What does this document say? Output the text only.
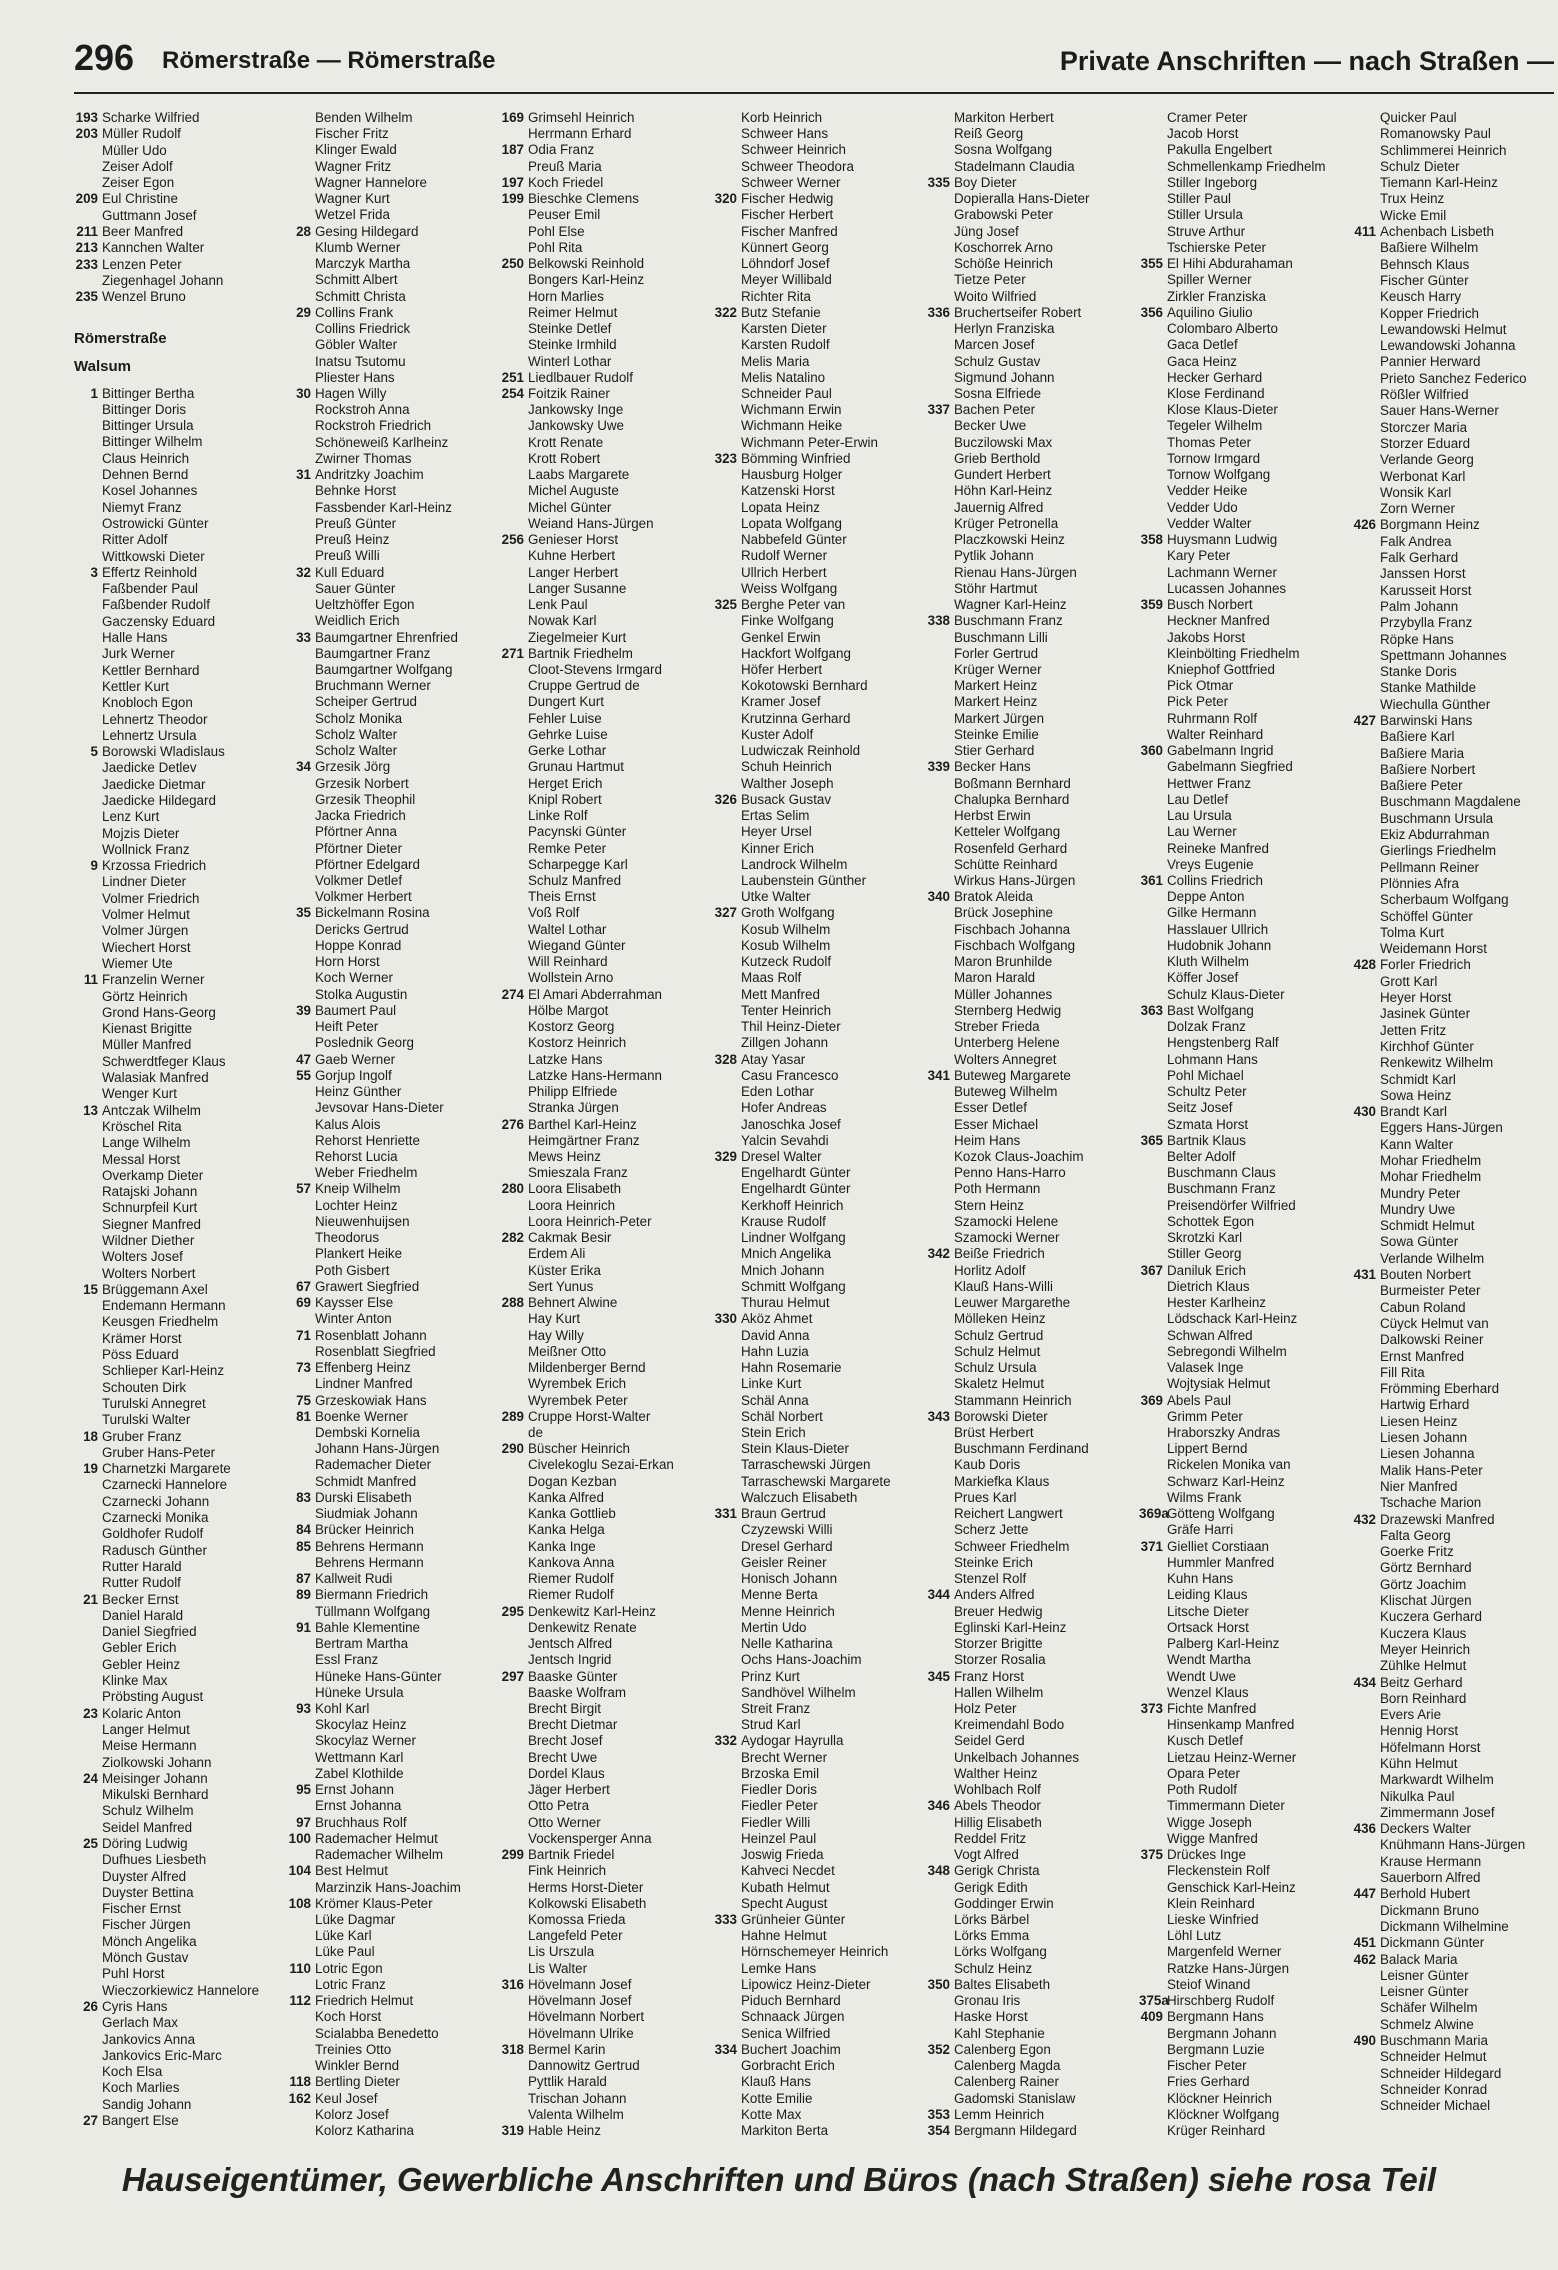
296 Römerstraße — Römerstraße	Private Anschriften — nach Straßen —
193 Scharke Wilfried
203 Müller Rudolf
Müller Udo
Zeiser Adolf
Zeiser Egon
209 Eul Christine
Guttmann Josef
211 Beer Manfred
213 Kannchen Walter
233 Lenzen Peter
Ziegenhagel Johann
235 Wenzel Bruno
Römerstraße
Walsum
1 Bittinger Bertha
Bittinger Doris
Bittinger Ursula
Bittinger Wilhelm
Claus Heinrich
Dehnen Bernd
Kosel Johannes
Niemyt Franz
Ostrowicki Günter
Ritter Adolf
Wittkowski Dieter
3 Effertz Reinhold
Faßbender Paul
Faßbender Rudolf
Gaczensky Eduard
Halle Hans
Jurk Werner
Kettler Bernhard
Kettler Kurt
Knobloch Egon
Lehnertz Theodor
Lehnertz Ursula
5 Borowski Wladislaus
Jaedicke Detlev
Jaedicke Dietmar
Jaedicke Hildegard
Lenz Kurt
Mojzis Dieter
Wollnick Franz
9 Krzossa Friedrich
Lindner Dieter
Volmer Friedrich
Volmer Helmut
Volmer Jürgen
Wiechert Horst
Wiemer Ute
11 Franzelin Werner
Görtz Heinrich
Grond Hans-Georg
Kienast Brigitte
Müller Manfred
Schwerdtfeger Klaus
Walasiak Manfred
Wenger Kurt
13 Antczak Wilhelm
Kröschel Rita
Lange Wilhelm
Messal Horst
Overkamp Dieter
Ratajski Johann
Schnurpfeil Kurt
Siegner Manfred
Wildner Diether
Wolters Josef
Wolters Norbert
15 Brüggemann Axel
Endemann Hermann
Keusgen Friedhelm
Krämer Horst
Pöss Eduard
Schlieper Karl-Heinz
Schouten Dirk
Turulski Annegret
Turulski Walter
18 Gruber Franz
Gruber Hans-Peter
19 Charnetzki Margarete
Czarnecki Hannelore
Czarnecki Johann
Czarnecki Monika
Goldhofer Rudolf
Radusch Günther
Rutter Harald
Rutter Rudolf
21 Becker Ernst
Daniel Harald
Daniel Siegfried
Gebler Erich
Gebler Heinz
Klinke Max
Pröbsting August
23 Kolaric Anton
Langer Helmut
Meise Hermann
Ziolkowski Johann
24 Meisinger Johann
Mikulski Bernhard
Schulz Wilhelm
Seidel Manfred
25 Döring Ludwig
Dufhues Liesbeth
Duyster Alfred
Duyster Bettina
Fischer Ernst
Fischer Jürgen
Mönch Angelika
Mönch Gustav
Puhl Horst
Wieczorkiewicz Hannelore
26 Cyris Hans
Gerlach Max
Jankovics Anna
Jankovics Eric-Marc
Koch Elsa
Koch Marlies
Sandig Johann
27 Bangert Else
Benden Wilhelm
Fischer Fritz
Klinger Ewald
Wagner Fritz
Wagner Hannelore
Wagner Kurt
Wetzel Frida
28 Gesing Hildegard
Klumb Werner
Marczyk Martha
Schmitt Albert
Schmitt Christa
29 Collins Frank
Collins Friedrick
Göbler Walter
Inatsu Tsutomu
Pliester Hans
30 Hagen Willy
Rockstroh Anna
Rockstroh Friedrich
Schöneweiß Karlheinz
Zwirner Thomas
31 Andritzky Joachim
Behnke Horst
Fassbender Karl-Heinz
Preuß Günter
Preuß Heinz
Preuß Willi
32 Kull Eduard
Sauer Günter
Ueltzhöffer Egon
Weidlich Erich
33 Baumgartner Ehrenfried
Baumgartner Franz
Baumgartner Wolfgang
Bruchmann Werner
Scheiper Gertrud
Scholz Monika
Scholz Walter
Scholz Walter
34 Grzesik Jörg
Grzesik Norbert
Grzesik Theophil
Jacka Friedrich
Pförtner Anna
Pförtner Dieter
Pförtner Edelgard
Volkmer Detlef
Volkmer Herbert
35 Bickelmann Rosina
Dericks Gertrud
Hoppe Konrad
Horn Horst
Koch Werner
Stolka Augustin
39 Baumert Paul
Heift Peter
Poslednik Georg
47 Gaeb Werner
55 Gorjup Ingolf
Heinz Günther
Jevsovar Hans-Dieter
Kalus Alois
Rehorst Henriette
Rehorst Lucia
Weber Friedhelm
57 Kneip Wilhelm
Lochter Heinz
Nieuwenhuijsen
Theodorus
Plankert Heike
Poth Gisbert
67 Grawert Siegfried
69 Kaysser Else
Winter Anton
71 Rosenblatt Johann
Rosenblatt Siegfried
73 Effenberg Heinz
Lindner Manfred
75 Grzeskowiak Hans
81 Boenke Werner
Dembski Kornelia
Johann Hans-Jürgen
Rademacher Dieter
Schmidt Manfred
83 Durski Elisabeth
Siudmiak Johann
84 Brücker Heinrich
85 Behrens Hermann
Behrens Hermann
87 Kallweit Rudi
89 Biermann Friedrich
Tüllmann Wolfgang
91 Bahle Klementine
Bertram Martha
Essl Franz
Hüneke Hans-Günter
Hüneke Ursula
93 Kohl Karl
Skocylaz Heinz
Skocylaz Werner
Wettmann Karl
Zabel Klothilde
95 Ernst Johann
Ernst Johanna
97 Bruchhaus Rolf
100 Rademacher Helmut
Rademacher Wilhelm
104 Best Helmut
Marzinzik Hans-Joachim
108 Krömer Klaus-Peter
Lüke Dagmar
Lüke Karl
Lüke Paul
110 Lotric Egon
Lotric Franz
112 Friedrich Helmut
Koch Horst
Scialabba Benedetto
Treinies Otto
Winkler Bernd
118 Bertling Dieter
162 Keul Josef
Kolorz Josef
Kolorz Katharina
169 Grimsehl Heinrich
Herrmann Erhard
187 Odia Franz
Preuß Maria
197 Koch Friedel
199 Bieschke Clemens
Peuser Emil
Pohl Else
Pohl Rita
250 Belkowski Reinhold
Bongers Karl-Heinz
Horn Marlies
Reimer Helmut
Steinke Detlef
Steinke Irmhild
Winterl Lothar
251 Liedlbauer Rudolf
254 Foitzik Rainer
Jankowsky Inge
Jankowsky Uwe
Krott Renate
Krott Robert
Laabs Margarete
Michel Auguste
Michel Günter
Weiand Hans-Jürgen
256 Genieser Horst
Kuhne Herbert
Langer Herbert
Langer Susanne
Lenk Paul
Nowak Karl
Ziegelmeier Kurt
271 Bartnik Friedhelm
Cloot-Stevens Irmgard
Cruppe Gertrud de
Dungert Kurt
Fehler Luise
Gehrke Luise
Gerke Lothar
Grunau Hartmut
Herget Erich
Knipl Robert
Linke Rolf
Pacynski Günter
Remke Peter
Scharpegge Karl
Schulz Manfred
Theis Ernst
Voß Rolf
Waltel Lothar
Wiegand Günter
Will Reinhard
Wollstein Arno
274 El Amari Abderrahman
Hölbe Margot
Kostorz Georg
Kostorz Heinrich
Latzke Hans
Latzke Hans-Hermann
Philipp Elfriede
Stranka Jürgen
276 Barthel Karl-Heinz
Heimgärtner Franz
Mews Heinz
Smieszala Franz
280 Loora Elisabeth
Loora Heinrich
Loora Heinrich-Peter
282 Cakmak Besir
Erdem Ali
Küster Erika
Sert Yunus
288 Behnert Alwine
Hay Kurt
Hay Willy
Meißner Otto
Mildenberger Bernd
Wyrembek Erich
Wyrembek Peter
289 Cruppe Horst-Walter
de
290 Büscher Heinrich
Civelekoglu Sezai-Erkan
Dogan Kezban
Kanka Alfred
Kanka Gottlieb
Kanka Helga
Kanka Inge
Kankova Anna
Riemer Rudolf
Riemer Rudolf
295 Denkewitz Karl-Heinz
Denkewitz Renate
Jentsch Alfred
Jentsch Ingrid
297 Baaske Günter
Baaske Wolfram
Brecht Birgit
Brecht Dietmar
Brecht Josef
Brecht Uwe
Dordel Klaus
Jäger Herbert
Otto Petra
Otto Werner
Vockensperger Anna
299 Bartnik Friedel
Fink Heinrich
Herms Horst-Dieter
Kolkowski Elisabeth
Komossa Frieda
Langefeld Peter
Lis Urszula
Lis Walter
316 Hövelmann Josef
Hövelmann Josef
Hövelmann Norbert
Hövelmann Ulrike
318 Bermel Karin
Dannowitz Gertrud
Pyttlik Harald
Trischan Johann
Valenta Wilhelm
319 Hable Heinz
Korb Heinrich
Schweer Hans
Schweer Heinrich
Schweer Theodora
Schweer Werner
320 Fischer Hedwig
Fischer Herbert
Fischer Manfred
Künnert Georg
Löhndorf Josef
Meyer Willibald
Richter Rita
322 Butz Stefanie
Karsten Dieter
Karsten Rudolf
Melis Maria
Melis Natalino
Schneider Paul
Wichmann Erwin
Wichmann Heike
Wichmann Peter-Erwin
323 Bömming Winfried
Hausburg Holger
Katzenski Horst
Lopata Heinz
Lopata Wolfgang
Nabbefeld Günter
Rudolf Werner
Ullrich Herbert
Weiss Wolfgang
325 Berghe Peter van
Finke Wolfgang
Genkel Erwin
Hackfort Wolfgang
Höfer Herbert
Kokotowski Bernhard
Kramer Josef
Krutzinna Gerhard
Kuster Adolf
Ludwiczak Reinhold
Schuh Heinrich
Walther Joseph
326 Busack Gustav
Ertas Selim
Heyer Ursel
Kinner Erich
Landrock Wilhelm
Laubenstein Günther
Utke Walter
327 Groth Wolfgang
Kosub Wilhelm
Kosub Wilhelm
Kutzeck Rudolf
Maas Rolf
Mett Manfred
Tenter Heinrich
Thil Heinz-Dieter
Zillgen Johann
328 Atay Yasar
Casu Francesco
Eden Lothar
Hofer Andreas
Janoschka Josef
Yalcin Sevahdi
329 Dresel Walter
Engelhardt Günter
Engelhardt Günter
Kerkhoff Heinrich
Krause Rudolf
Lindner Wolfgang
Mnich Angelika
Mnich Johann
Schmitt Wolfgang
Thurau Helmut
330 Aköz Ahmet
David Anna
Hahn Luzia
Hahn Rosemarie
Linke Kurt
Schäl Anna
Schäl Norbert
Stein Erich
Stein Klaus-Dieter
Tarraschewski Jürgen
Tarraschewski Margarete
Walczuch Elisabeth
331 Braun Gertrud
Czyzewski Willi
Dresel Gerhard
Geisler Reiner
Honisch Johann
Menne Berta
Menne Heinrich
Mertin Udo
Nelle Katharina
Ochs Hans-Joachim
Prinz Kurt
Sandhövel Wilhelm
Streit Franz
Strud Karl
332 Aydogar Hayrulla
Brecht Werner
Brzoska Emil
Fiedler Doris
Fiedler Peter
Fiedler Willi
Heinzel Paul
Joswig Frieda
Kahveci Necdet
Kubath Helmut
Specht August
333 Grünheier Günter
Hahne Helmut
Hörnschemeyer Heinrich
Lemke Hans
Lipowicz Heinz-Dieter
Piduch Bernhard
Schnaack Jürgen
Senica Wilfried
334 Buchert Joachim
Gorbracht Erich
Klauß Hans
Kotte Emilie
Kotte Max
Markiton Berta
Markiton Herbert
Reiß Georg
Sosna Wolfgang
Stadelmann Claudia
335 Boy Dieter
Dopieralla Hans-Dieter
Grabowski Peter
Jüng Josef
Koschorrek Arno
Schöße Heinrich
Tietze Peter
Woito Wilfried
336 Bruchertseifer Robert
Herlyn Franziska
Marcen Josef
Schulz Gustav
Sigmund Johann
Sosna Elfriede
337 Bachen Peter
Becker Uwe
Buczilowski Max
Grieb Berthold
Gundert Herbert
Höhn Karl-Heinz
Jauernig Alfred
Krüger Petronella
Placzkowski Heinz
Pytlik Johann
Rienau Hans-Jürgen
Stöhr Hartmut
Wagner Karl-Heinz
338 Buschmann Franz
Buschmann Lilli
Forler Gertrud
Krüger Werner
Markert Heinz
Markert Heinz
Markert Jürgen
Steinke Emilie
Stier Gerhard
339 Becker Hans
Boßmann Bernhard
Chalupka Bernhard
Herbst Erwin
Ketteler Wolfgang
Rosenfeld Gerhard
Schütte Reinhard
Wirkus Hans-Jürgen
340 Bratok Aleida
Brück Josephine
Fischbach Johanna
Fischbach Wolfgang
Maron Brunhilde
Maron Harald
Müller Johannes
Sternberg Hedwig
Streber Frieda
Unterberg Helene
Wolters Annegret
341 Buteweg Margarete
Buteweg Wilhelm
Esser Detlef
Esser Michael
Heim Hans
Kozok Claus-Joachim
Penno Hans-Harro
Poth Hermann
Stern Heinz
Szamocki Helene
Szamocki Werner
342 Beiße Friedrich
Horlitz Adolf
Klauß Hans-Willi
Leuwer Margarethe
Mölleken Heinz
Schulz Gertrud
Schulz Helmut
Schulz Ursula
Skaletz Helmut
Stammann Heinrich
343 Borowski Dieter
Brüst Herbert
Buschmann Ferdinand
Kaub Doris
Markiefka Klaus
Prues Karl
Reichert Langwert
Scherz Jette
Schweer Friedhelm
Steinke Erich
Stenzel Rolf
344 Anders Alfred
Breuer Hedwig
Eglinski Karl-Heinz
Storzer Brigitte
Storzer Rosalia
345 Franz Horst
Hallen Wilhelm
Holz Peter
Kreimendahl Bodo
Seidel Gerd
Unkelbach Johannes
Walther Heinz
Wohlbach Rolf
346 Abels Theodor
Hillig Elisabeth
Reddel Fritz
Vogt Alfred
348 Gerigk Christa
Gerigk Edith
Goddinger Erwin
Lörks Bärbel
Lörks Emma
Lörks Wolfgang
Schulz Heinz
350 Baltes Elisabeth
Gronau Iris
Haske Horst
Kahl Stephanie
352 Calenberg Egon
Calenberg Magda
Calenberg Rainer
Gadomski Stanislaw
353 Lemm Heinrich
354 Bergmann Hildegard
Cramer Peter
Jacob Horst
Pakulla Engelbert
Schmellenkamp Friedhelm
Stiller Ingeborg
Stiller Paul
Stiller Ursula
Struve Arthur
Tschierske Peter
355 El Hihi Abdurahaman
Spiller Werner
Zirkler Franziska
356 Aquilino Giulio
Colombaro Alberto
Gaca Detlef
Gaca Heinz
Hecker Gerhard
Klose Ferdinand
Klose Klaus-Dieter
Tegeler Wilhelm
Thomas Peter
Tornow Irmgard
Tornow Wolfgang
Vedder Heike
Vedder Udo
Vedder Walter
358 Huysmann Ludwig
Kary Peter
Lachmann Werner
Lucassen Johannes
359 Busch Norbert
Heckner Manfred
Jakobs Horst
Kleinbölting Friedhelm
Kniephof Gottfried
Pick Otmar
Pick Peter
Ruhrmann Rolf
Walter Reinhard
360 Gabelmann Ingrid
Gabelmann Siegfried
Hettwer Franz
Lau Detlef
Lau Ursula
Lau Werner
Reineke Manfred
Vreys Eugenie
361 Collins Friedrich
Deppe Anton
Gilke Hermann
Hasslauer Ullrich
Hudobnik Johann
Kluth Wilhelm
Köffer Josef
Schulz Klaus-Dieter
363 Bast Wolfgang
Dolzak Franz
Hengstenberg Ralf
Lohmann Hans
Pohl Michael
Schultz Peter
Seitz Josef
Szmata Horst
365 Bartnik Klaus
Belter Adolf
Buschmann Claus
Buschmann Franz
Preisendörfer Wilfried
Schottek Egon
Skrotzki Karl
Stiller Georg
367 Daniluk Erich
Dietrich Klaus
Hester Karlheinz
Lödschack Karl-Heinz
Schwan Alfred
Sebregondi Wilhelm
Valasek Inge
Wojtysiak Helmut
369 Abels Paul
Grimm Peter
Hraborszky Andras
Lippert Bernd
Rickelen Monika van
Schwarz Karl-Heinz
Wilms Frank
369aGötteng Wolfgang
Gräfe Harri
371 Gielliet Corstiaan
Hummler Manfred
Kuhn Hans
Leiding Klaus
Litsche Dieter
Ortsack Horst
Palberg Karl-Heinz
Wendt Martha
Wendt Uwe
Wenzel Klaus
373 Fichte Manfred
Hinsenkamp Manfred
Kusch Detlef
Lietzau Heinz-Werner
Opara Peter
Poth Rudolf
Timmermann Dieter
Wigge Joseph
Wigge Manfred
375 Drückes Inge
Fleckenstein Rolf
Genschick Karl-Heinz
Klein Reinhard
Lieske Winfried
Löhl Lutz
Margenfeld Werner
Ratzke Hans-Jürgen
Steiof Winand
375aHirschberg Rudolf
409 Bergmann Hans
Bergmann Johann
Bergmann Luzie
Fischer Peter
Fries Gerhard
Klöckner Heinrich
Klöckner Wolfgang
Krüger Reinhard
Quicker Paul
Romanowsky Paul
Schlimmerei Heinrich
Schulz Dieter
Tiemann Karl-Heinz
Trux Heinz
Wicke Emil
411 Achenbach Lisbeth
Baßiere Wilhelm
Behnsch Klaus
Fischer Günter
Keusch Harry
Kopper Friedrich
Lewandowski Helmut
Lewandowski Johanna
Pannier Herward
Prieto Sanchez Federico
Rößler Wilfried
Sauer Hans-Werner
Storczer Maria
Storzer Eduard
Verlande Georg
Werbonat Karl
Wonsik Karl
Zorn Werner
426 Borgmann Heinz
Falk Andrea
Falk Gerhard
Janssen Horst
Karusseit Horst
Palm Johann
Przybylla Franz
Röpke Hans
Spettmann Johannes
Stanke Doris
Stanke Mathilde
Wiechulla Günther
427 Barwinski Hans
Baßiere Karl
Baßiere Maria
Baßiere Norbert
Baßiere Peter
Buschmann Magdalene
Buschmann Ursula
Ekiz Abdurrahman
Gierlings Friedhelm
Pellmann Reiner
Plönnies Afra
Scherbaum Wolfgang
Schöffel Günter
Tolma Kurt
Weidemann Horst
428 Forler Friedrich
Grott Karl
Heyer Horst
Jasinek Günter
Jetten Fritz
Kirchhof Günter
Renkewitz Wilhelm
Schmidt Karl
Sowa Heinz
430 Brandt Karl
Eggers Hans-Jürgen
Kann Walter
Mohar Friedhelm
Mohar Friedhelm
Mundry Peter
Mundry Uwe
Schmidt Helmut
Sowa Günter
Verlande Wilhelm
431 Bouten Norbert
Burmeister Peter
Cabun Roland
Cüyck Helmut van
Dalkowski Reiner
Ernst Manfred
Fill Rita
Frömming Eberhard
Hartwig Erhard
Liesen Heinz
Liesen Johann
Liesen Johanna
Malik Hans-Peter
Nier Manfred
Tschache Marion
432 Drazewski Manfred
Falta Georg
Goerke Fritz
Görtz Bernhard
Görtz Joachim
Klischat Jürgen
Kuczera Gerhard
Kuczera Klaus
Meyer Heinrich
Zühlke Helmut
434 Beitz Gerhard
Born Reinhard
Evers Arie
Hennig Horst
Höfelmann Horst
Kühn Helmut
Markwardt Wilhelm
Nikulka Paul
Zimmermann Josef
436 Deckers Walter
Knühmann Hans-Jürgen
Krause Hermann
Sauerborn Alfred
447 Berhold Hubert
Dickmann Bruno
Dickmann Wilhelmine
451 Dickmann Günter
462 Balack Maria
Leisner Günter
Leisner Günter
Schäfer Wilhelm
Schmelz Alwine
490 Buschmann Maria
Schneider Helmut
Schneider Hildegard
Schneider Konrad
Schneider Michael
Hauseigentümer, Gewerbliche Anschriften und Büros (nach Straßen) siehe rosa Teil
